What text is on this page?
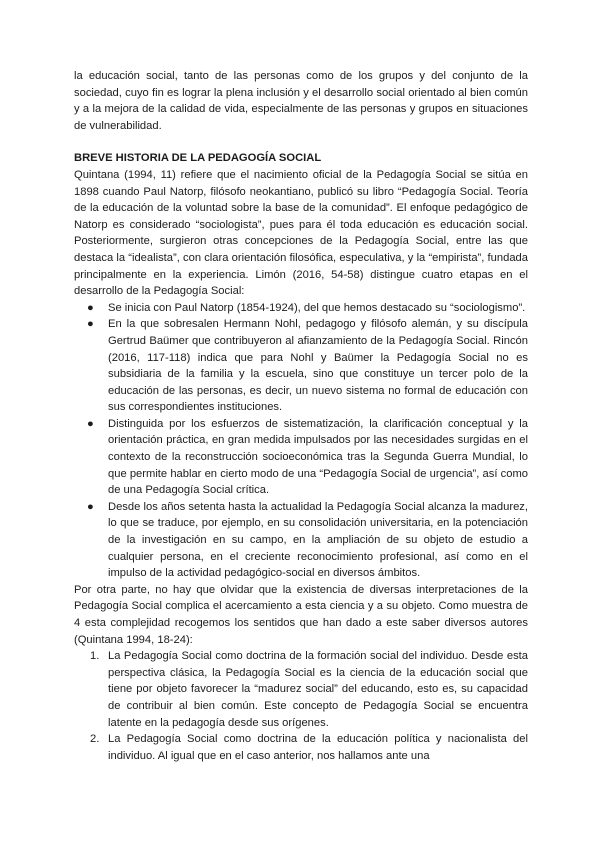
la educación social, tanto de las personas como de los grupos y del conjunto de la sociedad, cuyo fin es lograr la plena inclusión y el desarrollo social orientado al bien común y a la mejora de la calidad de vida, especialmente de las personas y grupos en situaciones de vulnerabilidad.

BREVE HISTORIA DE LA PEDAGOGÍA SOCIAL

Quintana (1994, 11) refiere que el nacimiento oficial de la Pedagogía Social se sitúa en 1898 cuando Paul Natorp, filósofo neokantiano, publicó su libro “Pedagogía Social. Teoría de la educación de la voluntad sobre la base de la comunidad”. El enfoque pedagógico de Natorp es considerado “sociologista”, pues para él toda educación es educación social. Posteriormente, surgieron otras concepciones de la Pedagogía Social, entre las que destaca la “idealista”, con clara orientación filosófica, especulativa, y la “empirista”, fundada principalmente en la experiencia. Limón (2016, 54-58) distingue cuatro etapas en el desarrollo de la Pedagogía Social:

● Se inicia con Paul Natorp (1854-1924), del que hemos destacado su “sociologismo”.
● En la que sobresalen Hermann Nohl, pedagogo y filósofo alemán, y su discípula Gertrud Baümer que contribuyeron al afianzamiento de la Pedagogía Social. Rincón (2016, 117-118) indica que para Nohl y Baümer la Pedagogía Social no es subsidiaria de la familia y la escuela, sino que constituye un tercer polo de la educación de las personas, es decir, un nuevo sistema no formal de educación con sus correspondientes instituciones.
● Distinguida por los esfuerzos de sistematización, la clarificación conceptual y la orientación práctica, en gran medida impulsados por las necesidades surgidas en el contexto de la reconstrucción socioeconómica tras la Segunda Guerra Mundial, lo que permite hablar en cierto modo de una “Pedagogía Social de urgencia”, así como de una Pedagogía Social crítica.
● Desde los años setenta hasta la actualidad la Pedagogía Social alcanza la madurez, lo que se traduce, por ejemplo, en su consolidación universitaria, en la potenciación de la investigación en su campo, en la ampliación de su objeto de estudio a cualquier persona, en el creciente reconocimiento profesional, así como en el impulso de la actividad pedagógico-social en diversos ámbitos.

Por otra parte, no hay que olvidar que la existencia de diversas interpretaciones de la Pedagogía Social complica el acercamiento a esta ciencia y a su objeto. Como muestra de 4 esta complejidad recogemos los sentidos que han dado a este saber diversos autores (Quintana 1994, 18-24):

1. La Pedagogía Social como doctrina de la formación social del individuo. Desde esta perspectiva clásica, la Pedagogía Social es la ciencia de la educación social que tiene por objeto favorecer la “madurez social” del educando, esto es, su capacidad de contribuir al bien común. Este concepto de Pedagogía Social se encuentra latente en la pedagogía desde sus orígenes.
2. La Pedagogía Social como doctrina de la educación política y nacionalista del individuo. Al igual que en el caso anterior, nos hallamos ante una
